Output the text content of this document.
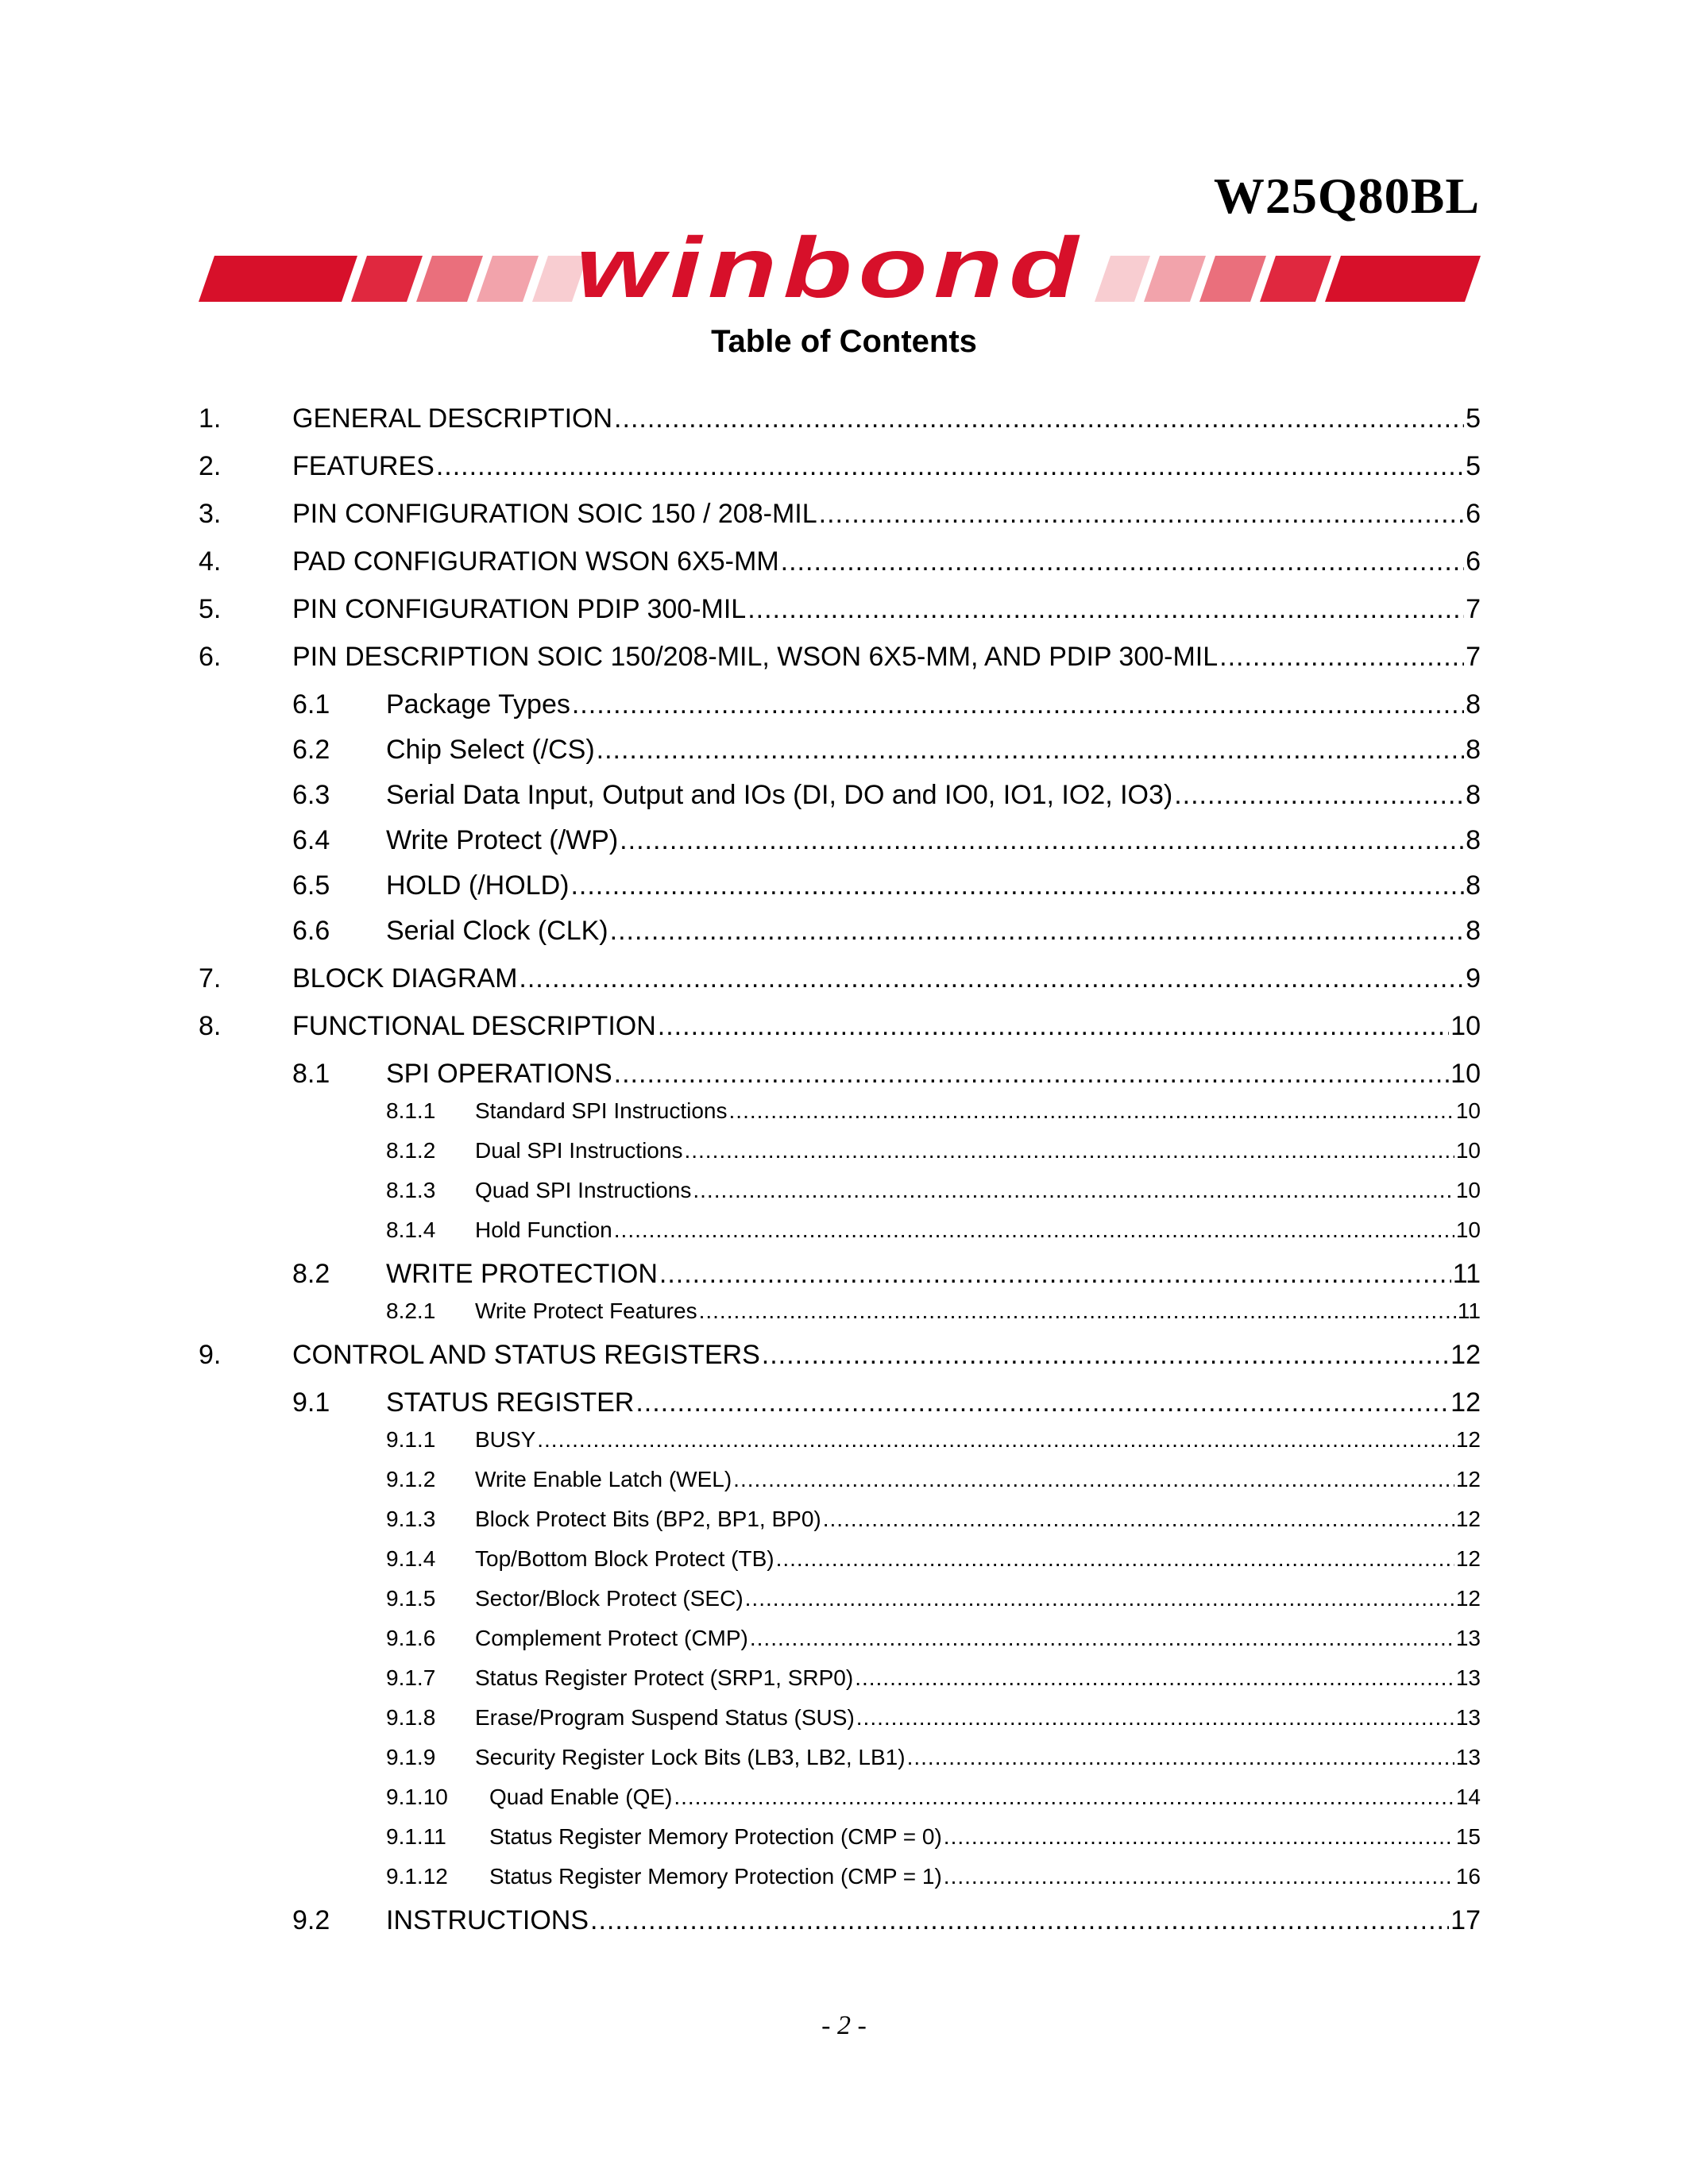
W25Q80BL
winbond
Table of Contents
1.	GENERAL DESCRIPTION .....	5
2.	FEATURES .....	5
3.	PIN CONFIGURATION SOIC 150 / 208-MIL .....	6
4.	PAD CONFIGURATION WSON 6X5-MM .....	6
5.	PIN CONFIGURATION PDIP 300-MIL .....	7
6.	PIN DESCRIPTION SOIC 150/208-MIL, WSON 6X5-MM, AND PDIP 300-MIL .....	7
6.1	Package Types .....	8
6.2	Chip Select (/CS) .....	8
6.3	Serial Data Input, Output and IOs (DI, DO and IO0, IO1, IO2, IO3) .....	8
6.4	Write Protect (/WP) .....	8
6.5	HOLD (/HOLD) .....	8
6.6	Serial Clock (CLK) .....	8
7.	BLOCK DIAGRAM .....	9
8.	FUNCTIONAL DESCRIPTION .....	10
8.1	SPI OPERATIONS .....	10
8.1.1	Standard SPI Instructions .....	10
8.1.2	Dual SPI Instructions .....	10
8.1.3	Quad SPI Instructions .....	10
8.1.4	Hold Function .....	10
8.2	WRITE PROTECTION .....	11
8.2.1	Write Protect Features .....	11
9.	CONTROL AND STATUS REGISTERS .....	12
9.1	STATUS REGISTER .....	12
9.1.1	BUSY .....	12
9.1.2	Write Enable Latch (WEL) .....	12
9.1.3	Block Protect Bits (BP2, BP1, BP0) .....	12
9.1.4	Top/Bottom Block Protect (TB) .....	12
9.1.5	Sector/Block Protect (SEC) .....	12
9.1.6	Complement Protect (CMP) .....	13
9.1.7	Status Register Protect (SRP1, SRP0) .....	13
9.1.8	Erase/Program Suspend Status (SUS) .....	13
9.1.9	Security Register Lock Bits (LB3, LB2, LB1) .....	13
9.1.10	Quad Enable (QE) .....	14
9.1.11	Status Register Memory Protection (CMP = 0) .....	15
9.1.12	Status Register Memory Protection (CMP = 1) .....	16
9.2	INSTRUCTIONS .....	17
- 2 -
